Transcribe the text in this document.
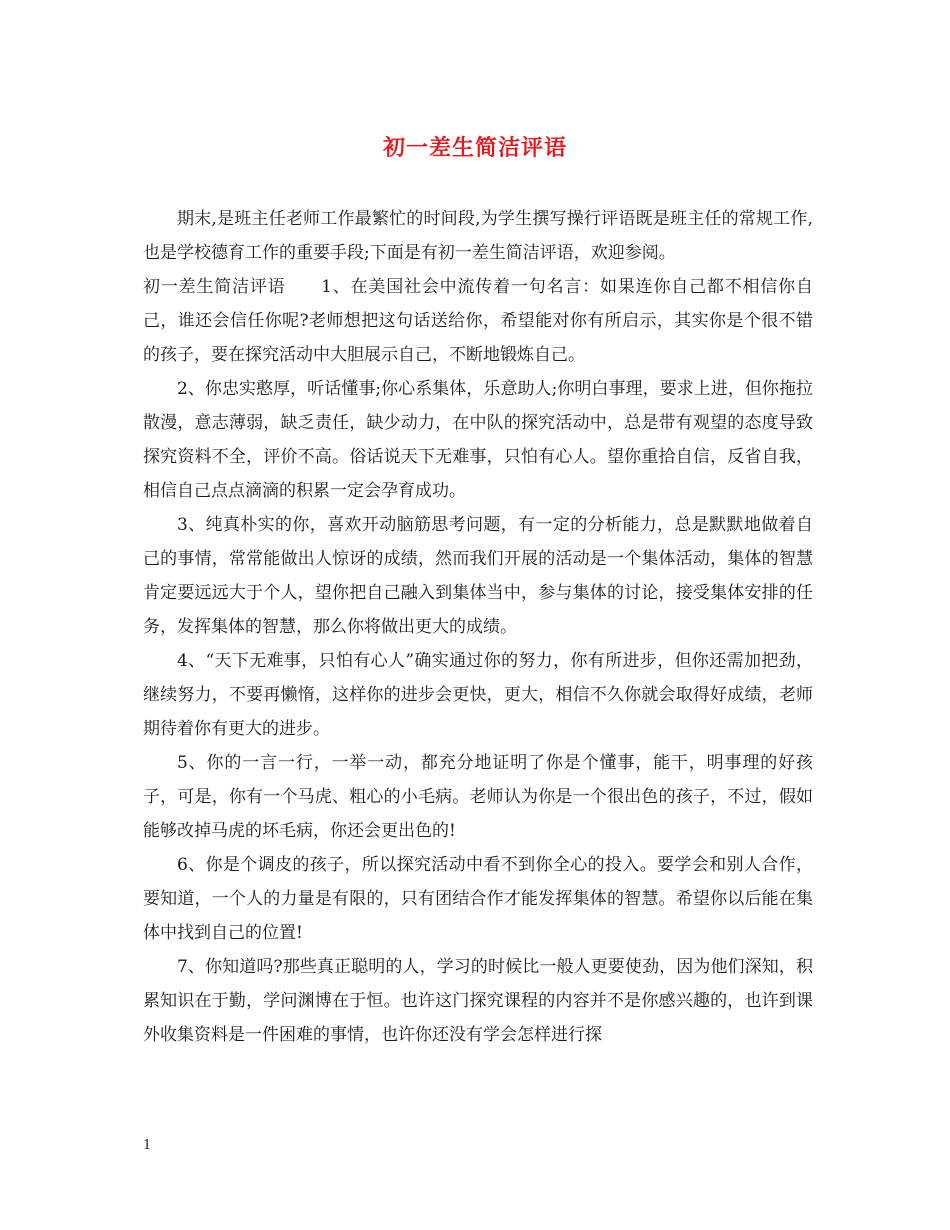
初一差生简洁评语

期末,是班主任老师工作最繁忙的时间段,为学生撰写操行评语既是班主任的常规工作,也是学校德育工作的重要手段;下面是有初一差生简洁评语，欢迎参阅。

初一差生简洁评语　　1、在美国社会中流传着一句名言：如果连你自己都不相信你自己，谁还会信任你呢?老师想把这句话送给你，希望能对你有所启示，其实你是个很不错的孩子，要在探究活动中大胆展示自己，不断地锻炼自己。

2、你忠实憨厚，听话懂事;你心系集体，乐意助人;你明白事理，要求上进，但你拖拉散漫，意志薄弱，缺乏责任，缺少动力，在中队的探究活动中，总是带有观望的态度导致探究资料不全，评价不高。俗话说天下无难事，只怕有心人。望你重拾自信，反省自我，相信自己点点滴滴的积累一定会孕育成功。

3、纯真朴实的你，喜欢开动脑筋思考问题，有一定的分析能力，总是默默地做着自己的事情，常常能做出人惊讶的成绩，然而我们开展的活动是一个集体活动，集体的智慧肯定要远远大于个人，望你把自己融入到集体当中，参与集体的讨论，接受集体安排的任务，发挥集体的智慧，那么你将做出更大的成绩。

4、“天下无难事，只怕有心人”确实通过你的努力，你有所进步，但你还需加把劲，继续努力，不要再懒惰，这样你的进步会更快，更大，相信不久你就会取得好成绩，老师期待着你有更大的进步。

5、你的一言一行，一举一动，都充分地证明了你是个懂事，能干，明事理的好孩子，可是，你有一个马虎、粗心的小毛病。老师认为你是一个很出色的孩子，不过，假如能够改掉马虎的坏毛病，你还会更出色的!

6、你是个调皮的孩子，所以探究活动中看不到你全心的投入。要学会和别人合作，要知道，一个人的力量是有限的，只有团结合作才能发挥集体的智慧。希望你以后能在集体中找到自己的位置!

7、你知道吗?那些真正聪明的人，学习的时候比一般人更要使劲，因为他们深知，积累知识在于勤，学问渊博在于恒。也许这门探究课程的内容并不是你感兴趣的，也许到课外收集资料是一件困难的事情，也许你还没有学会怎样进行探

1
